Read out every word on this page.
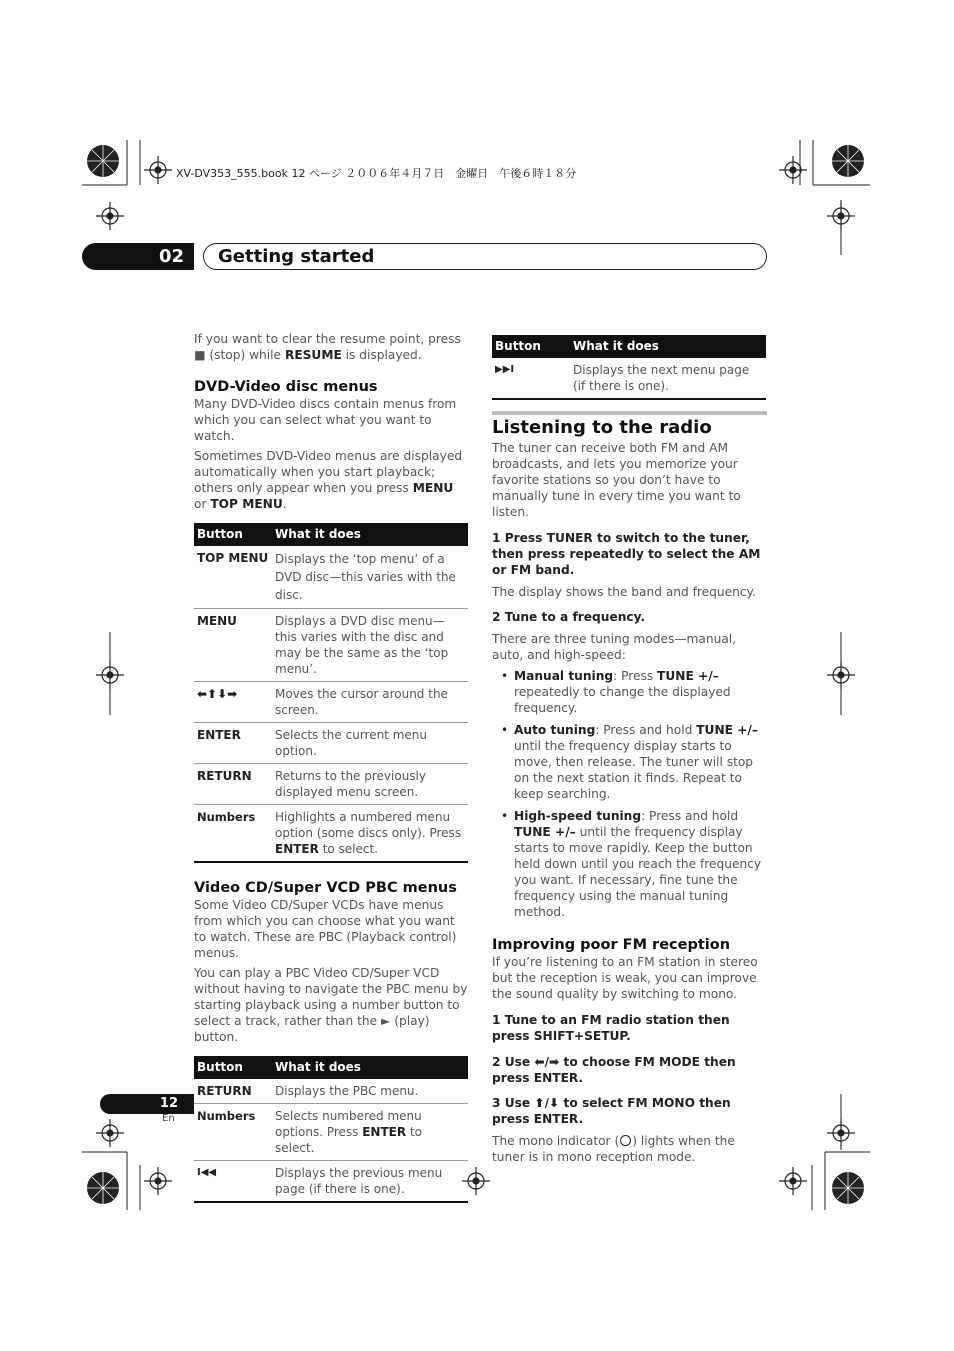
XV-DV353_555.book 12 ページ ２００６年４月７日　金曜日　午後６時１８分
02	Getting started

If you want to clear the resume point, press ■ (stop) while RESUME is displayed.

DVD-Video disc menus

Many DVD-Video discs contain menus from which you can select what you want to watch.

Sometimes DVD-Video menus are displayed automatically when you start playback; others only appear when you press MENU or TOP MENU.

Button	What it does
TOP MENU	Displays the ‘top menu’ of a DVD disc—this varies with the disc.
MENU	Displays a DVD disc menu—this varies with the disc and may be the same as the ‘top menu’.
⬅⬆⬇➡	Moves the cursor around the screen.
ENTER	Selects the current menu option.
RETURN	Returns to the previously displayed menu screen.
Numbers	Highlights a numbered menu option (some discs only). Press ENTER to select.
Video CD/Super VCD PBC menus

Some Video CD/Super VCDs have menus from which you can choose what you want to watch. These are PBC (Playback control) menus.

You can play a PBC Video CD/Super VCD without having to navigate the PBC menu by starting playback using a number button to select a track, rather than the ► (play) button.

Button	What it does
RETURN	Displays the PBC menu.
Numbers	Selects numbered menu options. Press ENTER to select.
I◀◀	Displays the previous menu page (if there is one).
Button	What it does
▶▶I	Displays the next menu page (if there is one).
Listening to the radio

The tuner can receive both FM and AM broadcasts, and lets you memorize your favorite stations so you don’t have to manually tune in every time you want to listen.

1 Press TUNER to switch to the tuner, then press repeatedly to select the AM or FM band.

The display shows the band and frequency.

2 Tune to a frequency.

There are three tuning modes—manual, auto, and high-speed:

• Manual tuning: Press TUNE +/– repeatedly to change the displayed frequency.

• Auto tuning: Press and hold TUNE +/– until the frequency display starts to move, then release. The tuner will stop on the next station it finds. Repeat to keep searching.

• High-speed tuning: Press and hold TUNE +/– until the frequency display starts to move rapidly. Keep the button held down until you reach the frequency you want. If necessary, fine tune the frequency using the manual tuning method.

Improving poor FM reception

If you’re listening to an FM station in stereo but the reception is weak, you can improve the sound quality by switching to mono.

1 Tune to an FM radio station then press SHIFT+SETUP.

2 Use ⬅/➡ to choose FM MODE then press ENTER.

3 Use ⬆/⬇ to select FM MONO then press ENTER.

The mono indicator ( ) lights when the tuner is in mono reception mode.

12
En
